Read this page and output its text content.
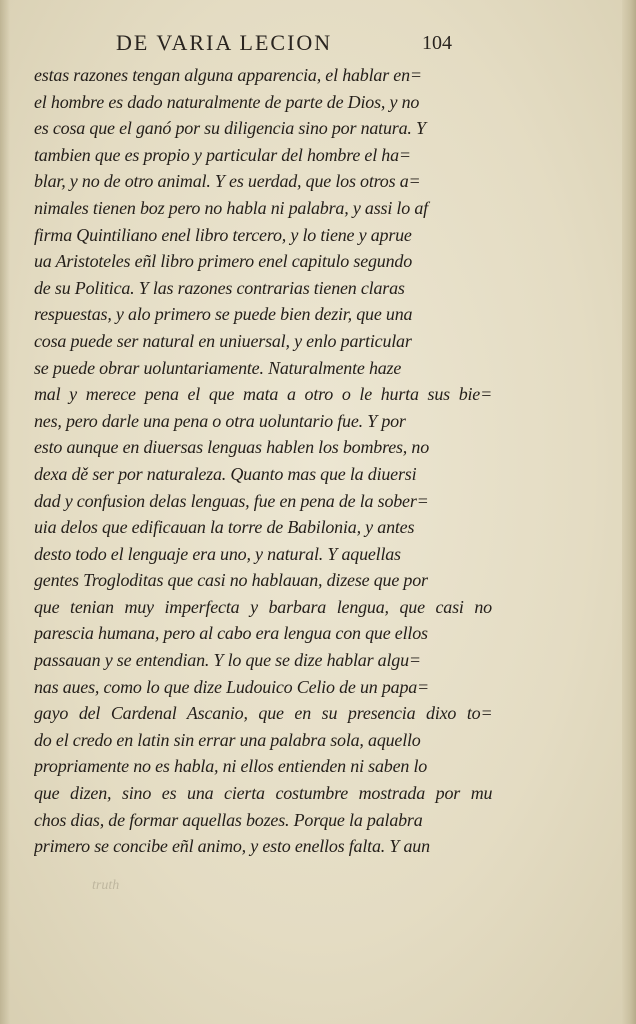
DE VARIA LECION	104
estas razones tengan alguna apparencia, el hablar en=
el hombre es dado naturalmente de parte de Dios, y no
es cosa que el ganó por su diligencia sino por natura. Y
tambien que es propio y particular del hombre el ha=
blar, y no de otro animal. Y es uerdad, que los otros a=
nimales tienen boz pero no habla ni palabra, y assi lo af
firma Quintiliano enel libro tercero, y lo tiene y aprue
ua Aristoteles eñl libro primero enel capitulo segundo
de su Politica. Y las razones contrarias tienen claras
respuestas, y alo primero se puede bien dezir, que una
cosa puede ser natural en uniuersal, y enlo particular
se puede obrar uoluntariamente. Naturalmente haze
mal y merece pena el que mata a otro o le hurta sus bie=
nes, pero darle una pena o otra uoluntario fue. Y por
esto aunque en diuersas lenguas hablen los bombres, no
dexa dě ser por naturaleza. Quanto mas que la diuersi
dad y confusion delas lenguas, fue en pena de la sober=
uia delos que edificauan la torre de Babilonia, y antes
desto todo el lenguaje era uno, y natural. Y aquellas
gentes Trogloditas que casi no hablauan, dizese que por
que tenian muy imperfecta y barbara lengua, que casi no
parescia humana, pero al cabo era lengua con que ellos
passauan y se entendian. Y lo que se dize hablar algu=
nas aues, como lo que dize Ludouico Celio de un papa=
gayo del Cardenal Ascanio, que en su presencia dixo to=
do el credo en latin sin errar una palabra sola, aquello
propriamente no es habla, ni ellos entienden ni saben lo
que dizen, sino es una cierta costumbre mostrada por mu
chos dias, de formar aquellas bozes. Porque la palabra
primero se concibe eñl animo, y esto enellos falta. Y aun
truth
